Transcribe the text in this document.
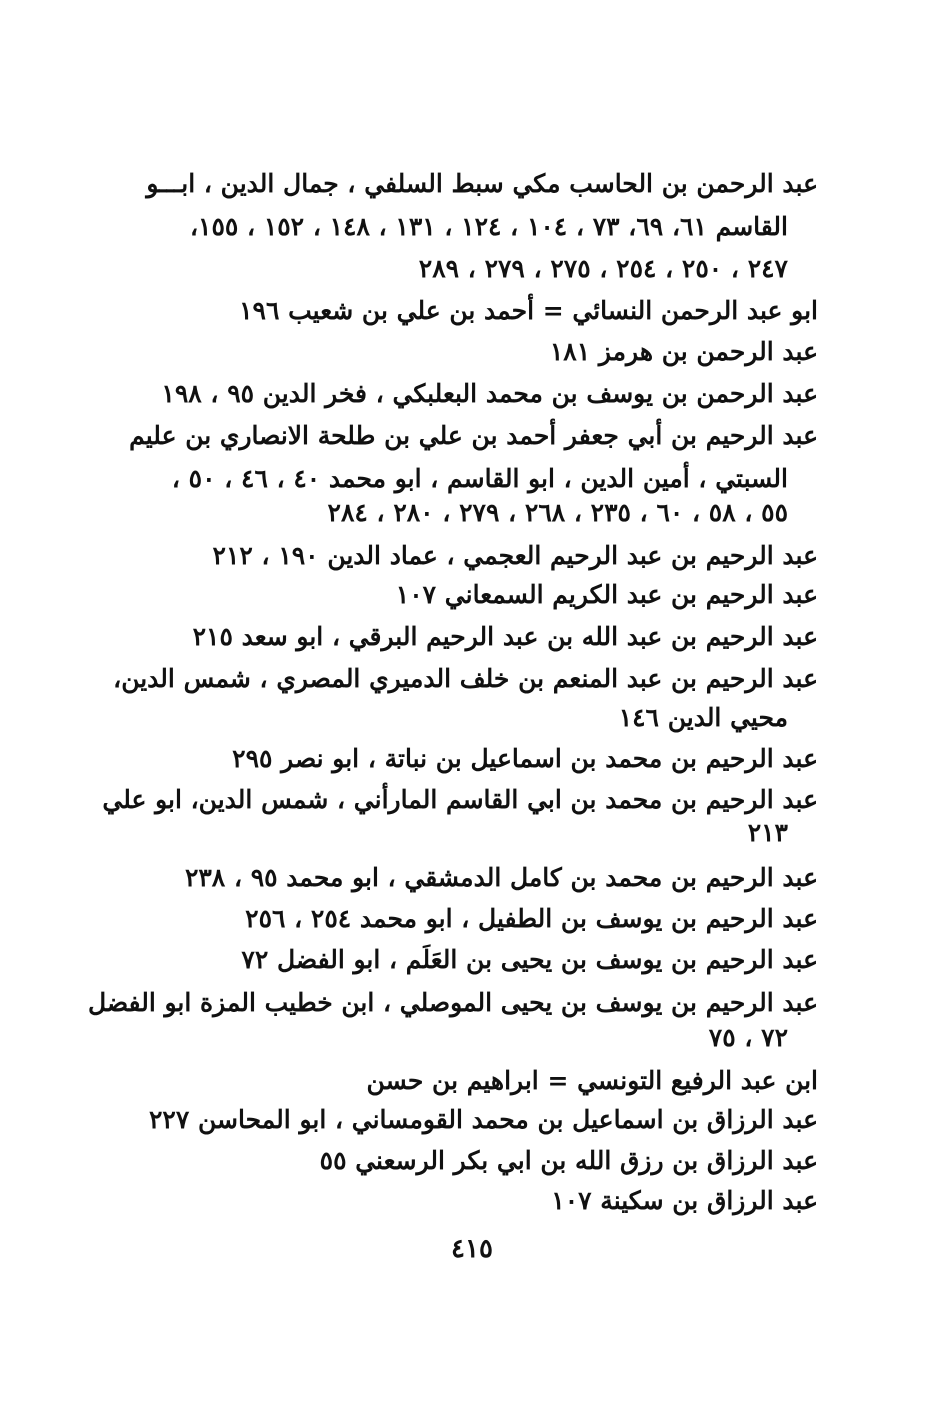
عبد الرحمن بن الحاسب مكي سبط السلفي ، جمال الدين ، ابـــو
القاسم ٦١، ٦٩، ٧٣ ، ١٠٤ ، ١٢٤ ، ١٣١ ، ١٤٨ ، ١٥٢ ، ١٥٥،
٢٤٧ ، ٢٥٠ ، ٢٥٤ ، ٢٧٥ ، ٢٧٩ ، ٢٨٩
ابو عبد الرحمن النسائي = أحمد بن علي بن شعيب ١٩٦
عبد الرحمن بن هرمز ١٨١
عبد الرحمن بن يوسف بن محمد البعلبكي ، فخر الدين ٩٥ ، ١٩٨
عبد الرحيم بن أبي جعفر أحمد بن علي بن طلحة الانصاري بن عليم
السبتي ، أمين الدين ، ابو القاسم ، ابو محمد ٤٠ ، ٤٦ ، ٥٠ ،
٥٥ ، ٥٨ ، ٦٠ ، ٢٣٥ ، ٢٦٨ ، ٢٧٩ ، ٢٨٠ ، ٢٨٤
عبد الرحيم بن عبد الرحيم العجمي ، عماد الدين ١٩٠ ، ٢١٢
عبد الرحيم بن عبد الكريم السمعاني ١٠٧
عبد الرحيم بن عبد الله بن عبد الرحيم البرقي ، ابو سعد ٢١٥
عبد الرحيم بن عبد المنعم بن خلف الدميري المصري ، شمس الدين،
محيي الدين ١٤٦
عبد الرحيم بن محمد بن اسماعيل بن نباتة ، ابو نصر ٢٩٥
عبد الرحيم بن محمد بن ابي القاسم المارأني ، شمس الدين، ابو علي
٢١٣
عبد الرحيم بن محمد بن كامل الدمشقي ، ابو محمد ٩٥ ، ٢٣٨
عبد الرحيم بن يوسف بن الطفيل ، ابو محمد ٢٥٤ ، ٢٥٦
عبد الرحيم بن يوسف بن يحيى بن العَلَم ، ابو الفضل ٧٢
عبد الرحيم بن يوسف بن يحيى الموصلي ، ابن خطيب المزة ابو الفضل
٧٢ ، ٧٥
ابن عبد الرفيع التونسي = ابراهيم بن حسن
عبد الرزاق بن اسماعيل بن محمد القومساني ، ابو المحاسن ٢٢٧
عبد الرزاق بن رزق الله بن ابي بكر الرسعني ٥٥
عبد الرزاق بن سكينة ١٠٧
٤١٥
